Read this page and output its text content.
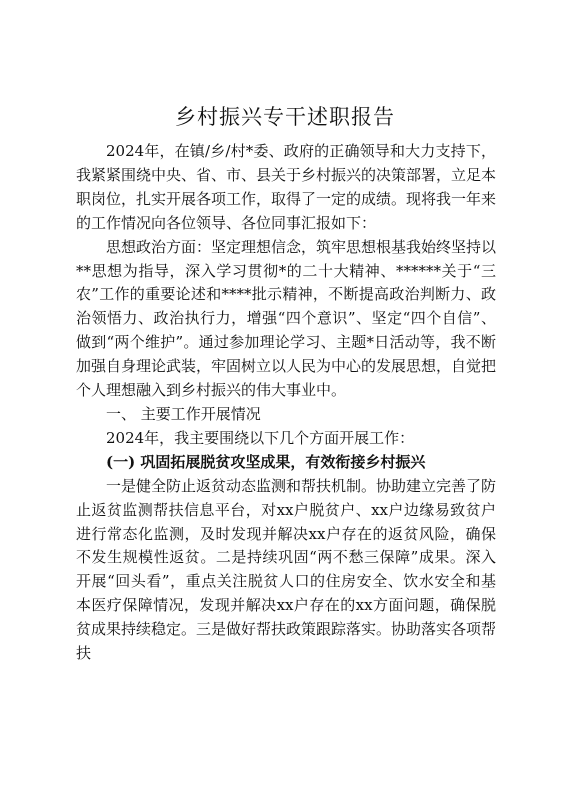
乡村振兴专干述职报告

2024年，在镇/乡/村*委、政府的正确领导和大力支持下，我紧紧围绕中央、省、市、县关于乡村振兴的决策部署，立足本职岗位，扎实开展各项工作，取得了一定的成绩。现将我一年来的工作情况向各位领导、各位同事汇报如下：

思想政治方面：坚定理想信念，筑牢思想根基我始终坚持以**思想为指导，深入学习贯彻*的二十大精神、******关于“三农”工作的重要论述和****批示精神，不断提高政治判断力、政治领悟力、政治执行力，增强“四个意识”、坚定“四个自信”、做到“两个维护”。通过参加理论学习、主题*日活动等，我不断加强自身理论武装，牢固树立以人民为中心的发展思想，自觉把个人理想融入到乡村振兴的伟大事业中。

一、 主要工作开展情况

2024年，我主要围绕以下几个方面开展工作：

(一) 巩固拓展脱贫攻坚成果，有效衔接乡村振兴

一是健全防止返贫动态监测和帮扶机制。协助建立完善了防止返贫监测帮扶信息平台，对xx户脱贫户、xx户边缘易致贫户进行常态化监测，及时发现并解决xx户存在的返贫风险，确保不发生规模性返贫。二是持续巩固“两不愁三保障”成果。深入开展“回头看”，重点关注脱贫人口的住房安全、饮水安全和基本医疗保障情况，发现并解决xx户存在的xx方面问题，确保脱贫成果持续稳定。三是做好帮扶政策跟踪落实。协助落实各项帮扶
